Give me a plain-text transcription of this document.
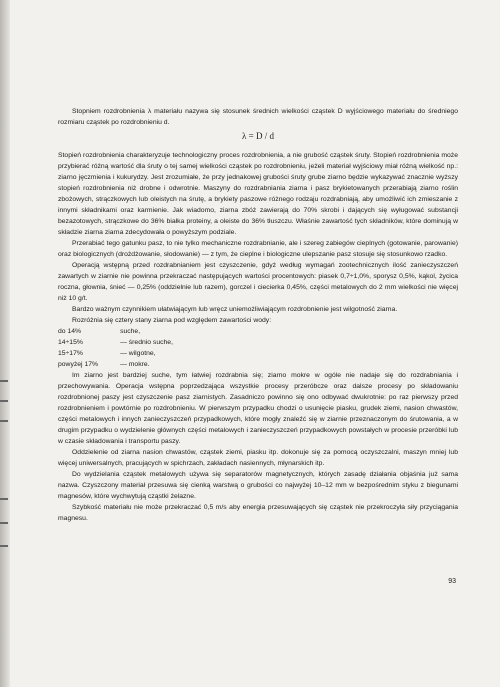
Stopniem rozdrobnienia λ materiału nazywa się stosunek średnich wielkości cząstek D wyjściowego materiału do średniego rozmiaru cząstek po rozdrobnieniu d.

λ = D / d

Stopień rozdrobnienia charakteryzuje technologiczny proces rozdrobnienia, a nie grubość cząstek śruty. Stopień rozdrobnienia może przybierać różną wartość dla śruty o tej samej wielkości cząstek po rozdrobnieniu, jeżeli materiał wyjściowy miał różną wielkość np.: ziarno jęczmienia i kukurydzy. Jest zrozumiałe, że przy jednakowej grubości śruty grube ziarno będzie wykazywać znacznie wyższy stopień rozdrobnienia niż drobne i odwrotnie. Maszyny do rozdrabniania ziarna i pasz brykietowanych przerabiają ziarno roślin zbożowych, strączkowych lub oleistych na śrutę, a brykiety paszowe różnego rodzaju rozdrabniają, aby umożliwić ich zmieszanie z innymi składnikami oraz karmienie. Jak wiadomo, ziarna zbóż zawierają do 70% skrobi i dających się wyługować substancji bezazotowych, strączkowe do 36% białka proteiny, a oleiste do 36% tłuszczu. Właśnie zawartość tych składników, które dominują w składzie ziarna ziarna zdecydowała o powyższym podziale.

Przerabiać tego gatunku pasz, to nie tylko mechaniczne rozdrabnianie, ale i szereg zabiegów cieplnych (gotowanie, parowanie) oraz biologicznych (drożdżowanie, słodowanie) — z tym, że cieplne i biologiczne ulepszanie pasz stosuje się stosunkowo rzadko.

Operacją wstępną przed rozdrabnianiem jest czyszczenie, gdyż według wymagań zootechnicznych ilość zanieczyszczeń zawartych w ziarnie nie powinna przekraczać następujących wartości procentowych: piasek 0,7÷1,0%, sporysz 0,5%, kąkol, życica roczna, głownia, śnieć — 0,25% (oddzielnie lub razem), gorczel i ciecierka 0,45%, części metalowych do 2 mm wielkości nie więcej niż 10 g/t.

Bardzo ważnym czynnikiem ułatwiającym lub wręcz uniemożliwiającym rozdrobnienie jest wilgotność ziarna.

Rozróżnia się cztery stany ziarna pod względem zawartości wody:

do 14%	suche,
14÷15%	— średnio suche,
15÷17%	— wilgotne,
powyżej 17%	— mokre.

Im ziarno jest bardziej suche, tym łatwiej rozdrabnia się; ziarno mokre w ogóle nie nadaje się do rozdrabniania i przechowywania. Operacja wstępna poprzedzająca wszystkie procesy przeróbcze oraz dalsze procesy po składowaniu rozdrobnionej paszy jest czyszczenie pasz ziarnistych. Zasadniczo powinno się ono odbywać dwukrotnie: po raz pierwszy przed rozdrobnieniem i powtórnie po rozdrobnieniu. W pierwszym przypadku chodzi o usunięcie piasku, grudek ziemi, nasion chwastów, części metalowych i innych zanieczyszczeń przypadkowych, które mogły znaleźć się w ziarnie przeznaczonym do śrutowania, a w drugim przypadku o wydzielenie głównych części metalowych i zanieczyszczeń przypadkowych powstałych w procesie przeróbki lub w czasie składowania i transportu paszy.

Oddzielenie od ziarna nasion chwastów, cząstek ziemi, piasku itp. dokonuje się za pomocą oczyszczalni, maszyn mniej lub więcej uniwersalnych, pracujących w spichrzach, zakładach nasiennych, młynarskich itp.

Do wydzielania cząstek metalowych używa się separatorów magnetycznych, których zasadę działania objaśnia już sama nazwa. Czyszczony materiał przesuwa się cienką warstwą o grubości co najwyżej 10–12 mm w bezpośrednim styku z biegunami magnesów, które wychwytują cząstki żelazne.

Szybkość materiału nie może przekraczać 0,5 m/s aby energia przesuwających się cząstek nie przekroczyła siły przyciągania magnesu.

93
